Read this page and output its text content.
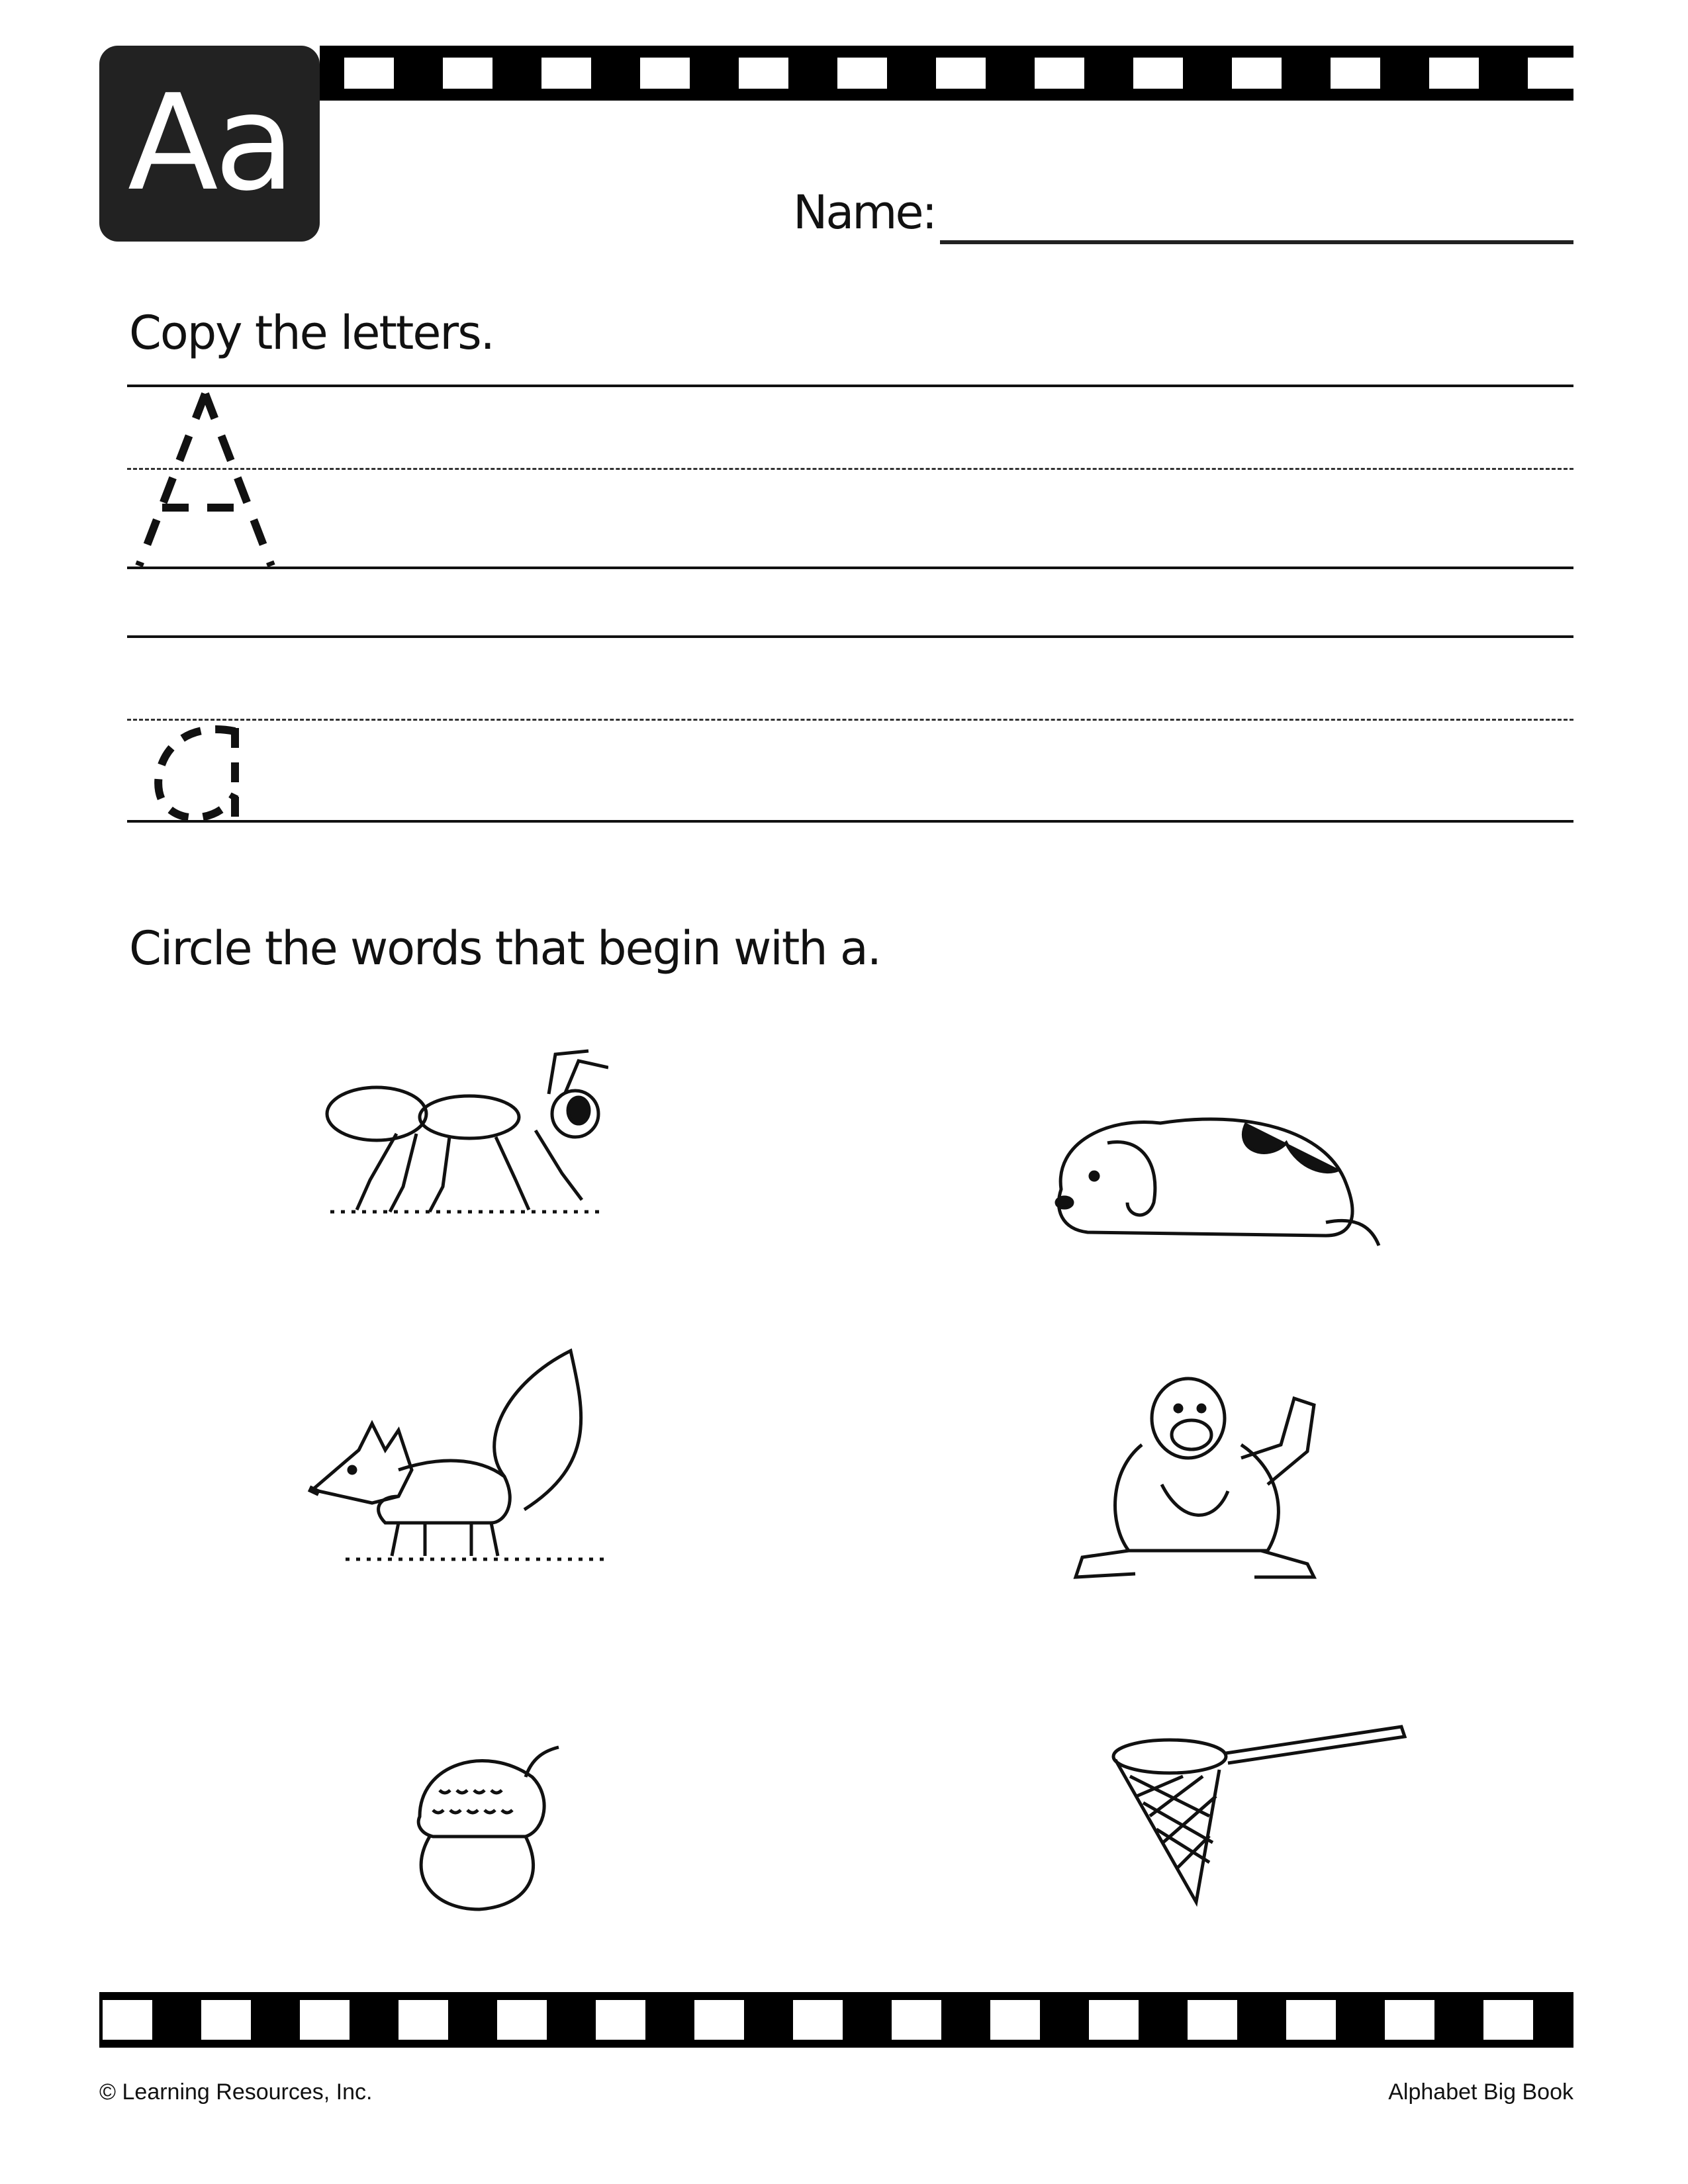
Aa	Name:
Copy the letters.
Circle the words that begin with a.
© Learning Resources, Inc.	Alphabet Big Book
